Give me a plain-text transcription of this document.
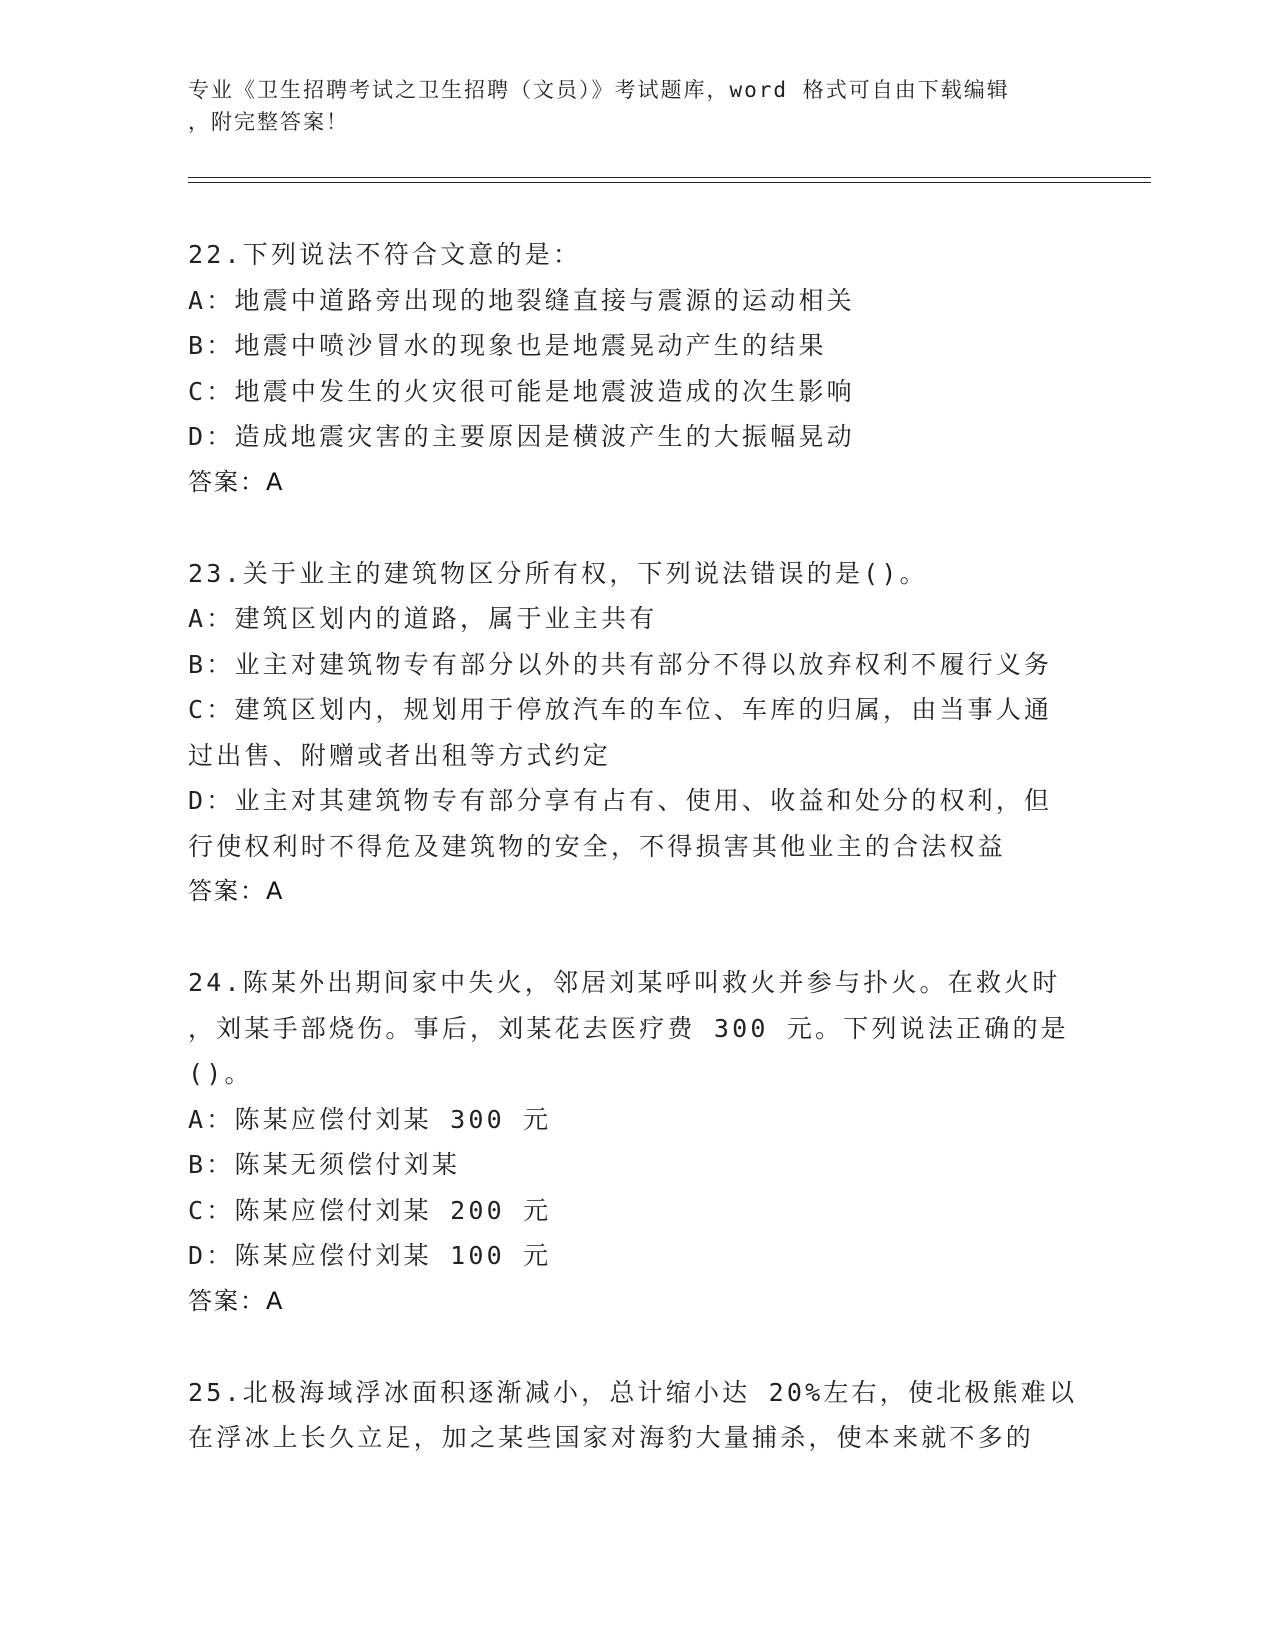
专业《卫生招聘考试之卫生招聘（文员）》考试题库，word 格式可自由下载编辑
，附完整答案！
22.下列说法不符合文意的是：
A：地震中道路旁出现的地裂缝直接与震源的运动相关
B：地震中喷沙冒水的现象也是地震晃动产生的结果
C：地震中发生的火灾很可能是地震波造成的次生影响
D：造成地震灾害的主要原因是横波产生的大振幅晃动
答案：A
23.关于业主的建筑物区分所有权，下列说法错误的是()。
A：建筑区划内的道路，属于业主共有
B：业主对建筑物专有部分以外的共有部分不得以放弃权利不履行义务
C：建筑区划内，规划用于停放汽车的车位、车库的归属，由当事人通
过出售、附赠或者出租等方式约定
D：业主对其建筑物专有部分享有占有、使用、收益和处分的权利，但
行使权利时不得危及建筑物的安全，不得损害其他业主的合法权益
答案：A
24.陈某外出期间家中失火，邻居刘某呼叫救火并参与扑火。在救火时
，刘某手部烧伤。事后，刘某花去医疗费 300 元。下列说法正确的是
()。
A：陈某应偿付刘某 300 元
B：陈某无须偿付刘某
C：陈某应偿付刘某 200 元
D：陈某应偿付刘某 100 元
答案：A
25.北极海域浮冰面积逐渐减小，总计缩小达 20%左右，使北极熊难以
在浮冰上长久立足，加之某些国家对海豹大量捕杀，使本来就不多的
